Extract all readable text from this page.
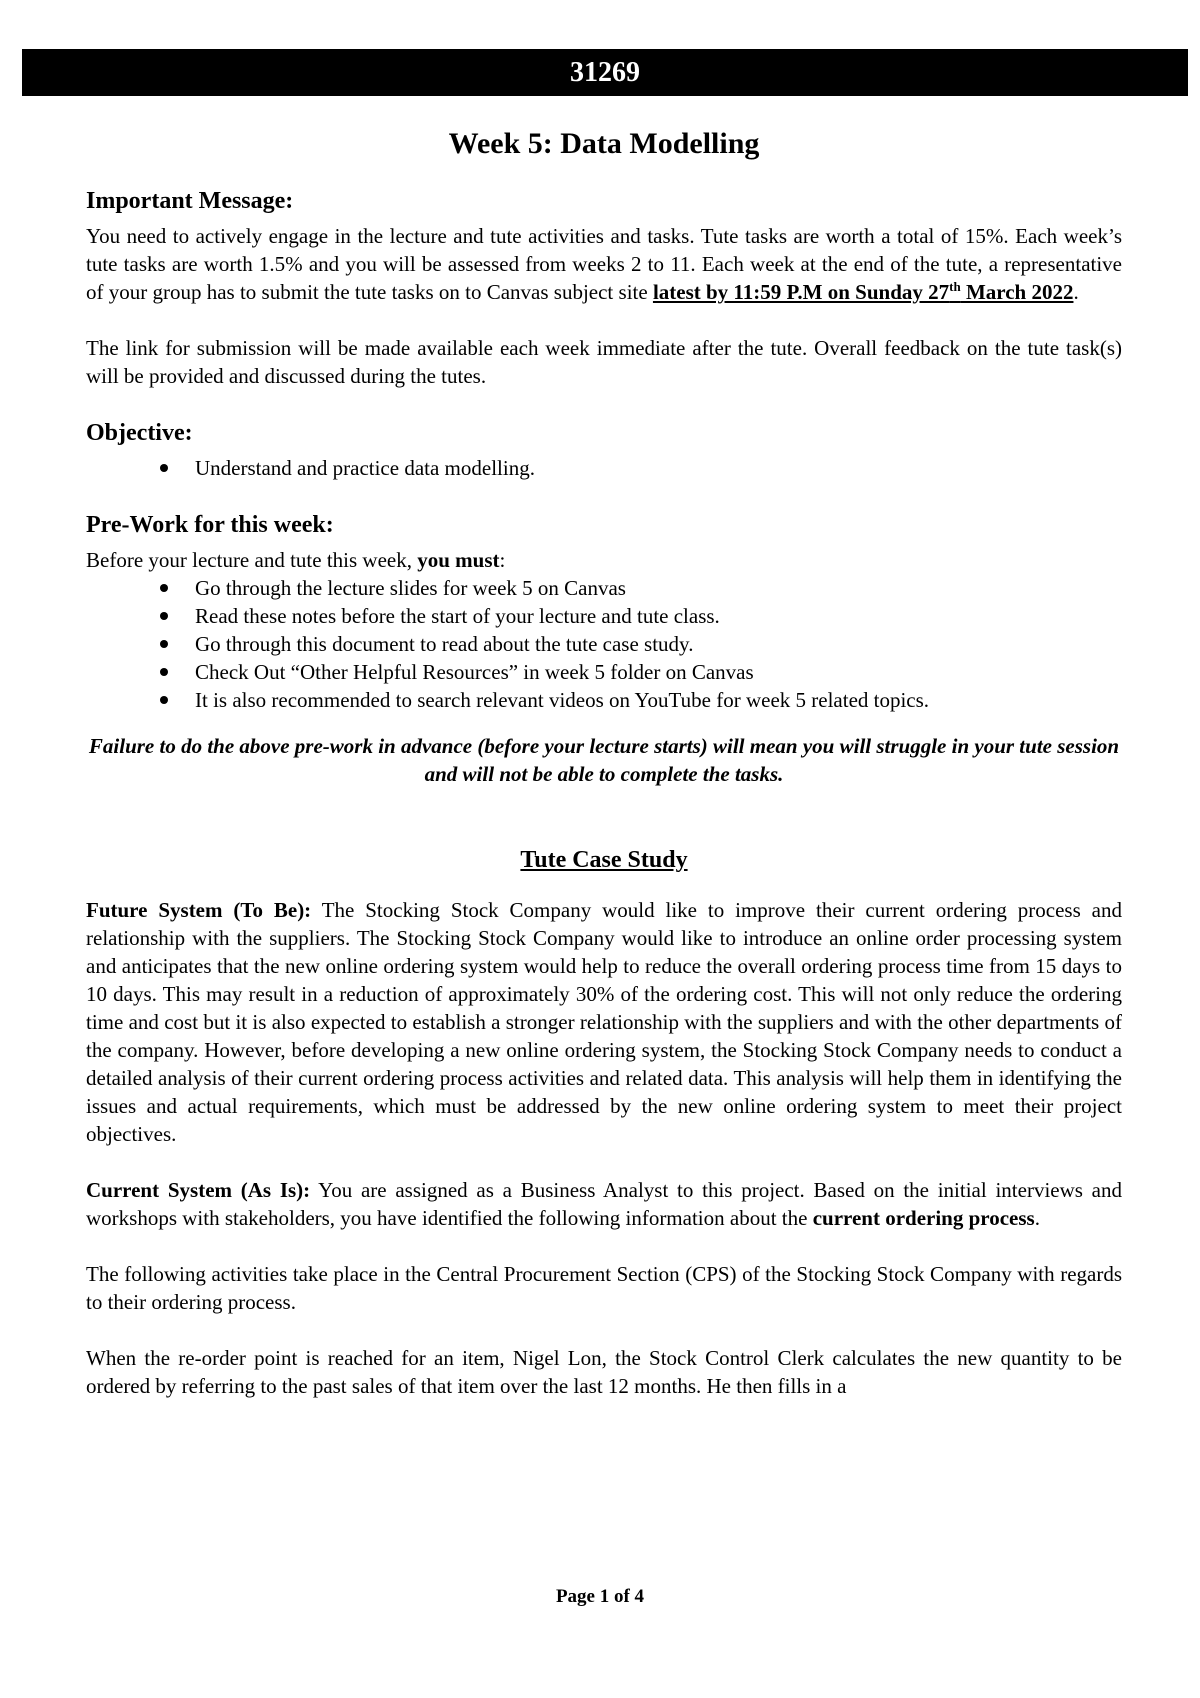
31269
Week 5: Data Modelling
Important Message:

You need to actively engage in the lecture and tute activities and tasks. Tute tasks are worth a total of 15%. Each week’s tute tasks are worth 1.5% and you will be assessed from weeks 2 to 11. Each week at the end of the tute, a representative of your group has to submit the tute tasks on to Canvas subject site latest by 11:59 P.M on Sunday 27th March 2022.

The link for submission will be made available each week immediate after the tute. Overall feedback on the tute task(s) will be provided and discussed during the tutes.

Objective:
Understand and practice data modelling.
Pre-Work for this week:

Before your lecture and tute this week, you must:

Go through the lecture slides for week 5 on Canvas
Read these notes before the start of your lecture and tute class.
Go through this document to read about the tute case study.
Check Out “Other Helpful Resources” in week 5 folder on Canvas
It is also recommended to search relevant videos on YouTube for week 5 related topics.

Failure to do the above pre-work in advance (before your lecture starts) will mean you will struggle in your tute session and will not be able to complete the tasks.

Tute Case Study

Future System (To Be): The Stocking Stock Company would like to improve their current ordering process and relationship with the suppliers. The Stocking Stock Company would like to introduce an online order processing system and anticipates that the new online ordering system would help to reduce the overall ordering process time from 15 days to 10 days. This may result in a reduction of approximately 30% of the ordering cost. This will not only reduce the ordering time and cost but it is also expected to establish a stronger relationship with the suppliers and with the other departments of the company. However, before developing a new online ordering system, the Stocking Stock Company needs to conduct a detailed analysis of their current ordering process activities and related data. This analysis will help them in identifying the issues and actual requirements, which must be addressed by the new online ordering system to meet their project objectives.

Current System (As Is): You are assigned as a Business Analyst to this project. Based on the initial interviews and workshops with stakeholders, you have identified the following information about the current ordering process.

The following activities take place in the Central Procurement Section (CPS) of the Stocking Stock Company with regards to their ordering process.

When the re-order point is reached for an item, Nigel Lon, the Stock Control Clerk calculates the new quantity to be ordered by referring to the past sales of that item over the last 12 months. He then fills in a

Page 1 of 4
